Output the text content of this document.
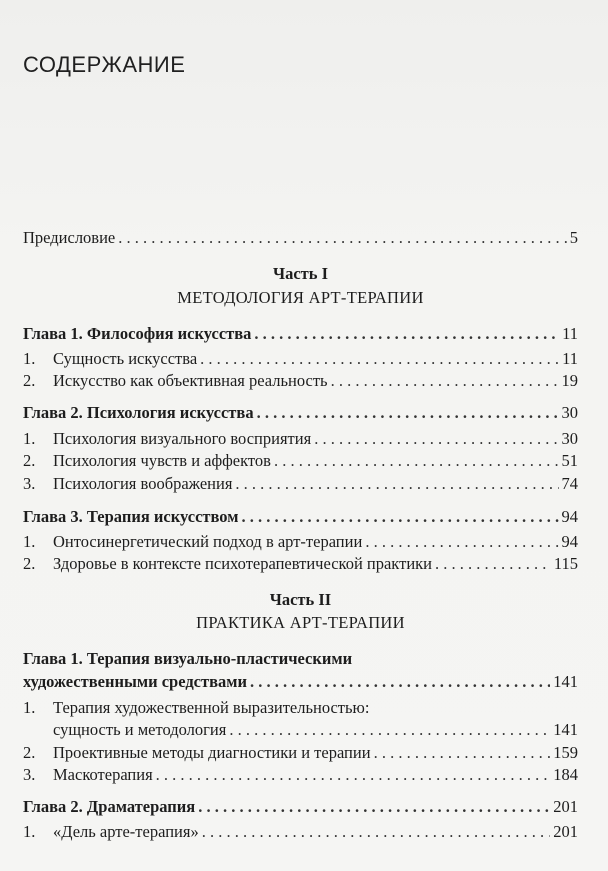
СОДЕРЖАНИЕ
Предисловие . . .	5
Часть I
МЕТОДОЛОГИЯ АРТ-ТЕРАПИИ
Глава 1. Философия искусства . . .	11
1.	Сущность искусства . . .	11
2.	Искусство как объективная реальность . . .	19
Глава 2. Психология искусства . . .	30
1.	Психология визуального восприятия . . .	30
2.	Психология чувств и аффектов . . .	51
3.	Психология воображения . . .	74
Глава 3. Терапия искусством . . .	94
1.	Онтосинергетический подход в арт-терапии . . .	94
2.	Здоровье в контексте психотерапевтической практики . . .	115
Часть II
ПРАКТИКА АРТ-ТЕРАПИИ
Глава 1. Терапия визуально-пластическими
художественными средствами . . .	141
1. Терапия художественной выразительностью:
сущность и методология . . .	141
2.	Проективные методы диагностики и терапии . . .	159
3.	Маскотерапия . . .	184
Глава 2. Драматерапия . . .	201
1.	«Дель арте-терапия» . . .	201
